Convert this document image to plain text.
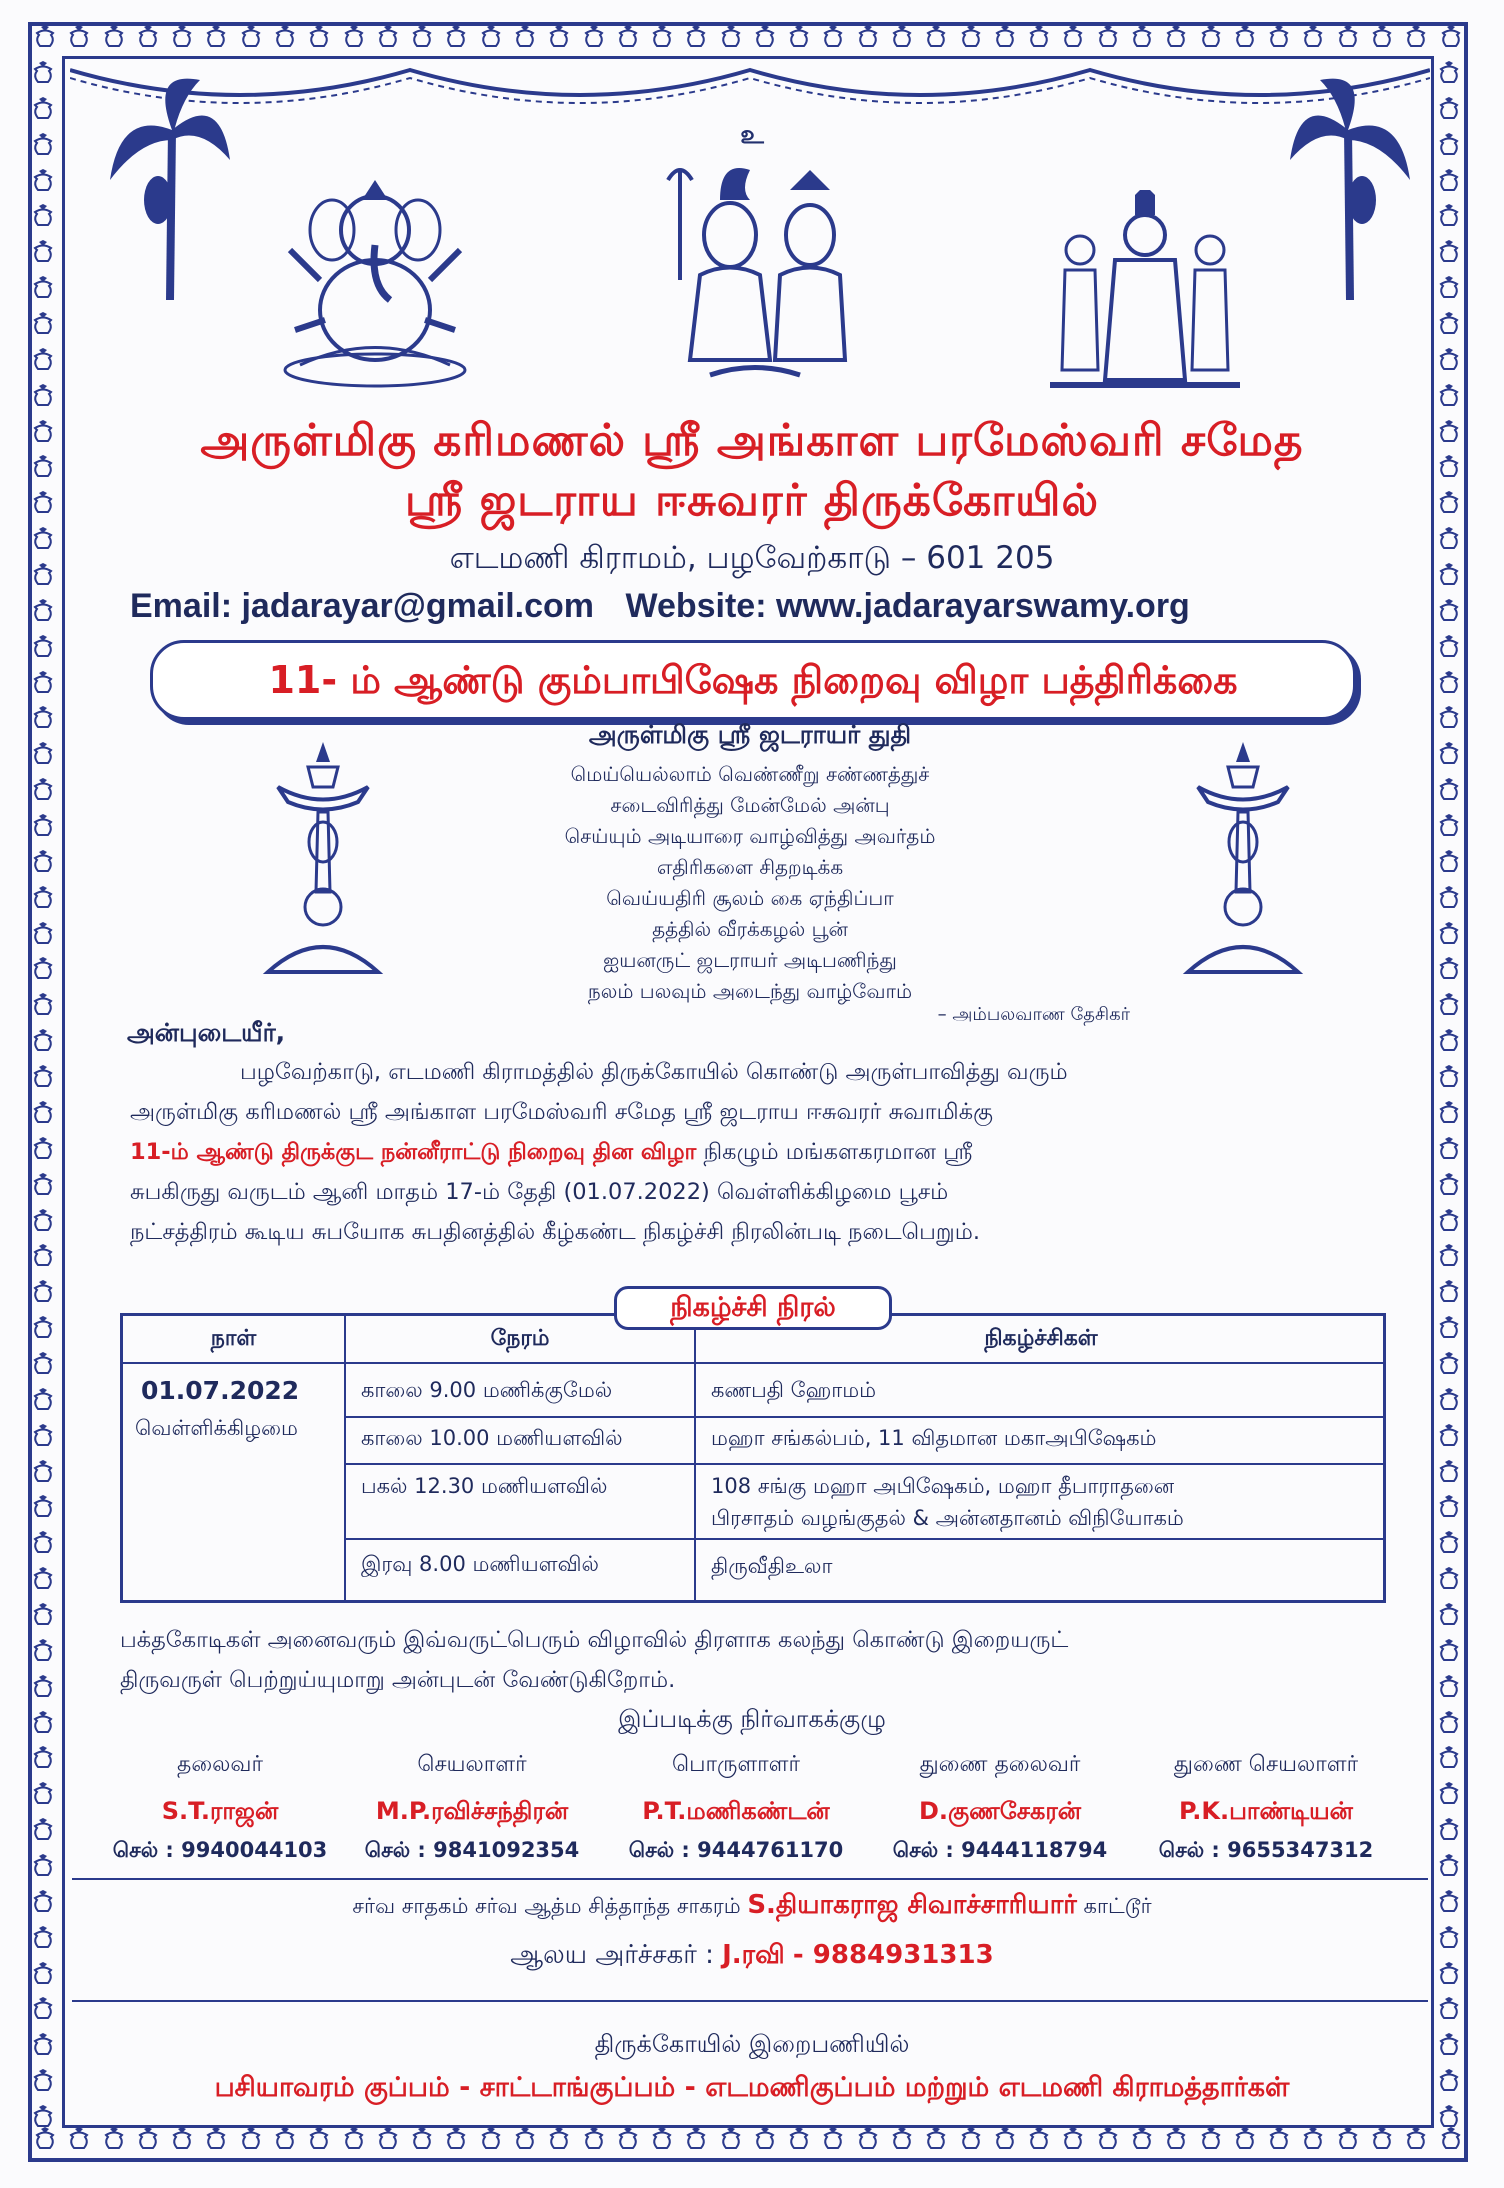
உ
அருள்மிகு கரிமணல் ஸ்ரீ அங்காள பரமேஸ்வரி சமேத
ஸ்ரீ ஜடராய ஈசுவரர் திருக்கோயில்
எடமணி கிராமம், பழவேற்காடு – 601 205
Email: jadarayar@gmail.com Website: www.jadarayarswamy.org
11- ம் ஆண்டு கும்பாபிஷேக நிறைவு விழா பத்திரிக்கை
அருள்மிகு ஸ்ரீ ஜடராயர் துதி
மெய்யெல்லாம் வெண்ணீறு சண்ணத்துச்
சடைவிரித்து மேன்மேல் அன்பு
செய்யும் அடியாரை வாழ்வித்து அவர்தம்
எதிரிகளை சிதறடிக்க
வெய்யதிரி சூலம் கை ஏந்திப்பா
தத்தில் வீரக்கழல் பூன்
ஐயனருட் ஜடராயர் அடிபணிந்து
நலம் பலவும் அடைந்து வாழ்வோம்
– அம்பலவாண தேசிகர்
அன்புடையீர்,

பழவேற்காடு, எடமணி கிராமத்தில் திருக்கோயில் கொண்டு அருள்பாவித்து வரும்

அருள்மிகு கரிமணல் ஸ்ரீ அங்காள பரமேஸ்வரி சமேத ஸ்ரீ ஜடராய ஈசுவரர் சுவாமிக்கு

11-ம் ஆண்டு திருக்குட நன்னீராட்டு நிறைவு தின விழா நிகழும் மங்களகரமான ஸ்ரீ

சுபகிருது வருடம் ஆனி மாதம் 17-ம் தேதி (01.07.2022) வெள்ளிக்கிழமை பூசம்

நட்சத்திரம் கூடிய சுபயோக சுபதினத்தில் கீழ்கண்ட நிகழ்ச்சி நிரலின்படி நடைபெறும்.

நாள்	நேரம்	நிகழ்ச்சிகள்
01.07.2022
வெள்ளிக்கிழமை
காலை 9.00 மணிக்குமேல்	கணபதி ஹோமம்
காலை 10.00 மணியளவில்	மஹா சங்கல்பம், 11 விதமான மகாஅபிஷேகம்
பகல் 12.30 மணியளவில்	108 சங்கு மஹா அபிஷேகம், மஹா தீபாராதனை
பிரசாதம் வழங்குதல் & அன்னதானம் விநியோகம்
இரவு 8.00 மணியளவில்	திருவீதிஉலா
நிகழ்ச்சி நிரல்

பக்தகோடிகள் அனைவரும் இவ்வருட்பெரும் விழாவில் திரளாக கலந்து கொண்டு இறையருட்

திருவருள் பெற்றுய்யுமாறு அன்புடன் வேண்டுகிறோம்.

இப்படிக்கு நிர்வாகக்குழு
தலைவர்
S.T.ராஜன்
செல் : 9940044103
செயலாளர்
M.P.ரவிச்சந்திரன்
செல் : 9841092354
பொருளாளர்
P.T.மணிகண்டன்
செல் : 9444761170
துணை தலைவர்
D.குணசேகரன்
செல் : 9444118794
துணை செயலாளர்
P.K.பாண்டியன்
செல் : 9655347312
சர்வ சாதகம் சர்வ ஆத்ம சித்தாந்த சாகரம் S.தியாகராஜ சிவாச்சாரியார் காட்டூர்
ஆலய அர்ச்சகர் : J.ரவி - 9884931313
திருக்கோயில் இறைபணியில்
பசியாவரம் குப்பம் - சாட்டாங்குப்பம் - எடமணிகுப்பம் மற்றும் எடமணி கிராமத்தார்கள்
